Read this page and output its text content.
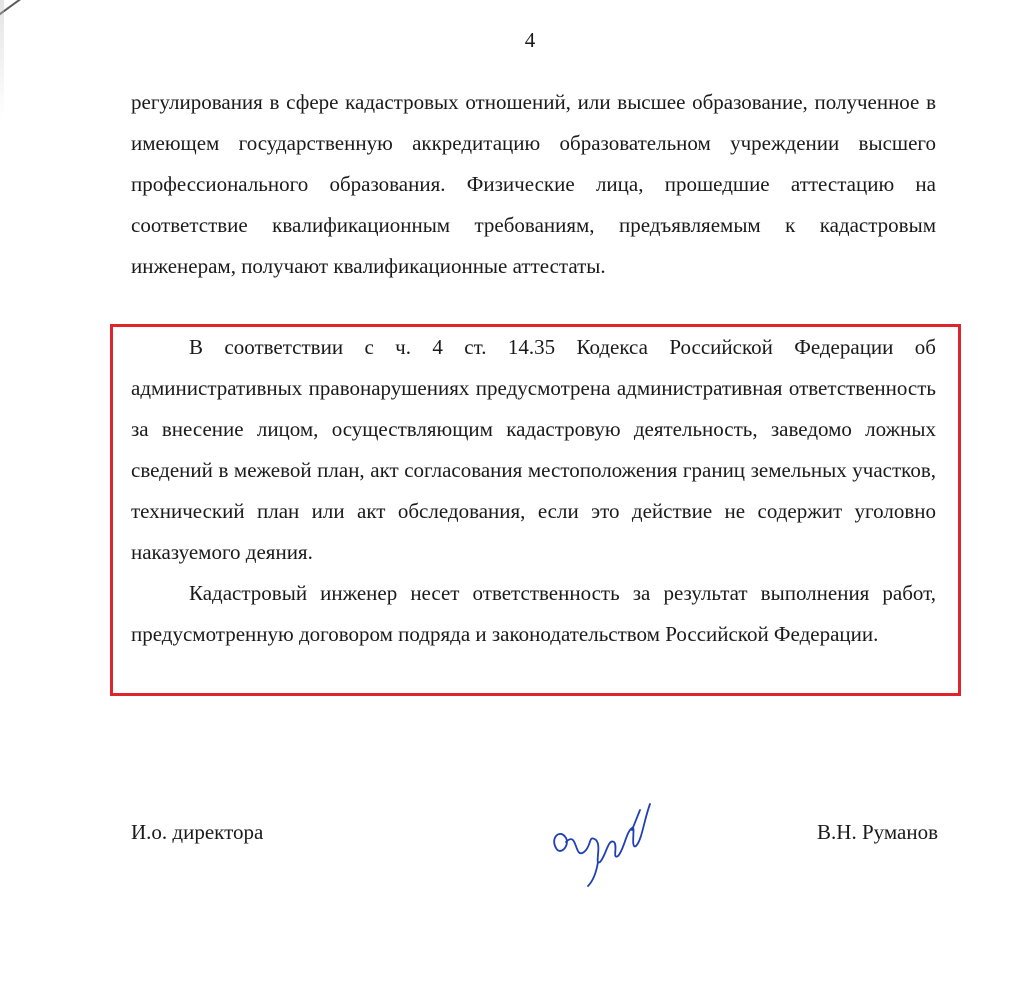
4

регулирования в сфере кадастровых отношений, или высшее образование, полученное в имеющем государственную аккредитацию образовательном учреждении высшего профессионального образования. Физические лица, прошедшие аттестацию на соответствие квалификационным требованиям, предъявляемым к кадастровым инженерам, получают квалификационные аттестаты.

В соответствии с ч. 4 ст. 14.35 Кодекса Российской Федерации об административных правонарушениях предусмотрена административная ответственность за внесение лицом, осуществляющим кадастровую деятельность, заведомо ложных сведений в межевой план, акт согласования местоположения границ земельных участков, технический план или акт обследования, если это действие не содержит уголовно наказуемого деяния.

Кадастровый инженер несет ответственность за результат выполнения работ, предусмотренную договором подряда и законодательством Российской Федерации.

И.о. директора	В.Н. Руманов
